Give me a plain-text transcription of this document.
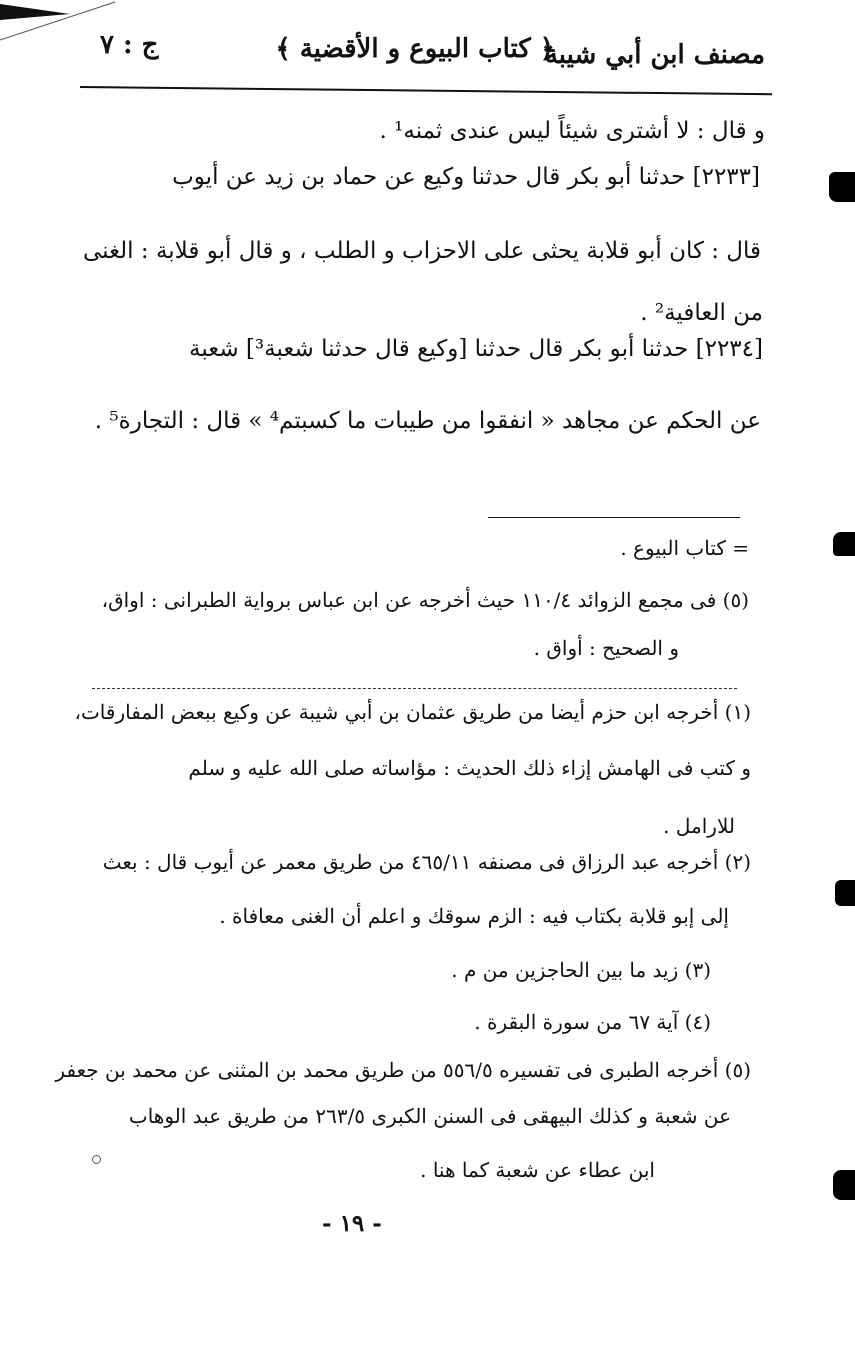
مصنف ابن أبي شيبة
﴿ كتاب البيوع و الأقضية ﴾
ج : ٧
و قال : لا أشترى شيئاً ليس عندى ثمنه¹ .
[٢٢٣٣] حدثنا أبو بكر قال حدثنا وكيع عن حماد بن زيد عن أيوب
قال : كان أبو قلابة يحثى على الاحزاب و الطلب ، و قال أبو قلابة : الغنى
من العافية² .
[٢٢٣٤] حدثنا أبو بكر قال حدثنا [وكيع قال حدثنا شعبة³] شعبة
عن الحكم عن مجاهد « انفقوا من طيبات ما كسبتم⁴ » قال : التجارة⁵ .
= كتاب البيوع .
(٥) فى مجمع الزوائد ١١٠/٤ حيث أخرجه عن ابن عباس برواية الطبرانى : اواق،
و الصحيح : أواق .
(١) أخرجه ابن حزم أيضا من طريق عثمان بن أبي شيبة عن وكيع ببعض المفارقات،
و كتب فى الهامش إزاء ذلك الحديث : مؤاساته صلى الله عليه و سلم
للارامل .
(٢) أخرجه عبد الرزاق فى مصنفه ٤٦٥/١١ من طريق معمر عن أيوب قال : بعث
إلى إبو قلابة بكتاب فيه : الزم سوقك و اعلم أن الغنى معافاة .
(٣) زيد ما بين الحاجزين من م .
(٤) آية ٦٧ من سورة البقرة .
(٥) أخرجه الطبرى فى تفسيره ٥٥٦/٥ من طريق محمد بن المثنى عن محمد بن جعفر
عن شعبة و كذلك البيهقى فى السنن الكبرى ٢٦٣/٥ من طريق عبد الوهاب
ابن عطاء عن شعبة كما هنا .
- ١٩ -
